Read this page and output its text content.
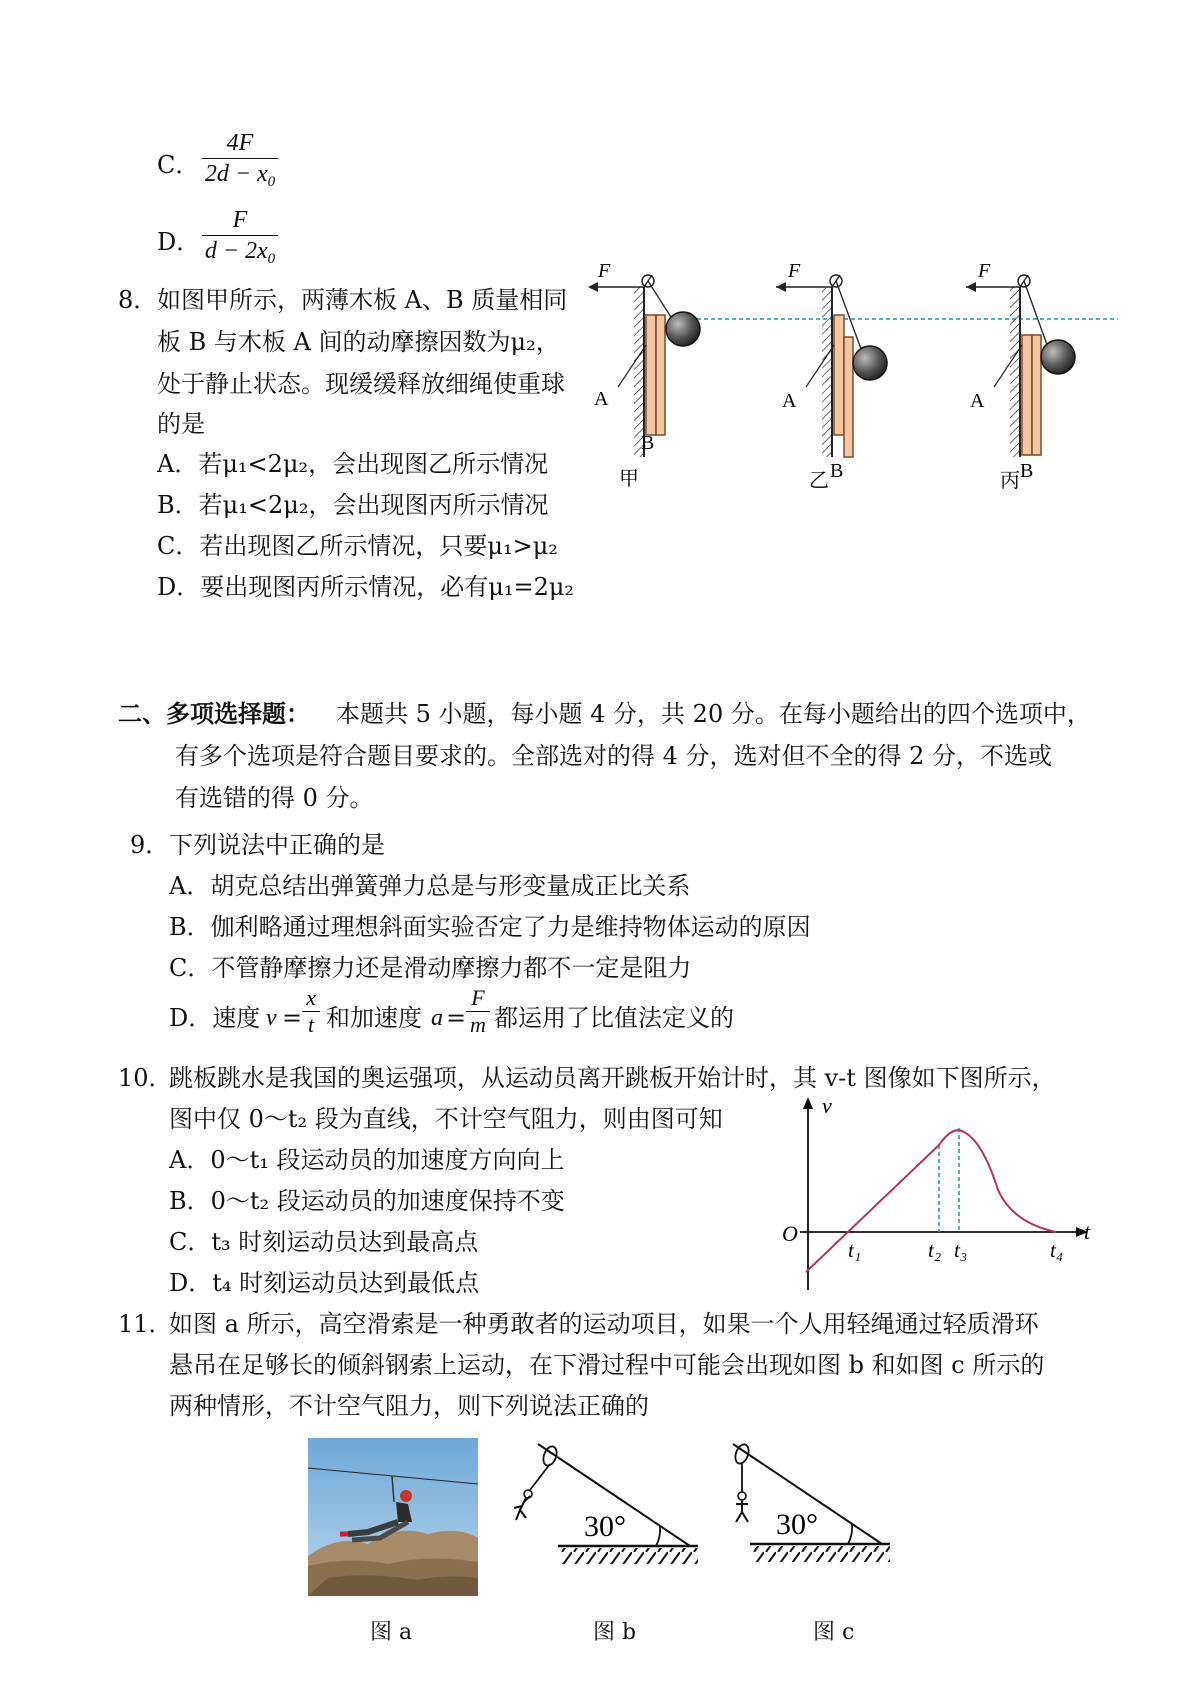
C．
4F
$2d - x_0$
D．
F
$d - 2x_0$
8． 如图甲所示，两薄木板 A、B 质量相同
板 B 与木板 A 间的动摩擦因数为μ₂，
处于静止状态。现缓缓释放细绳使重球
的是
A．若μ₁<2μ₂，会出现图乙所示情况
B．若μ₁<2μ₂，会出现图丙所示情况
C．若出现图乙所示情况，只要μ₁>μ₂
D．要出现图丙所示情况，必有μ₁=2μ₂
F
A
B
甲
F
A
B
乙
F
A
B
丙
二、多项选择题： 本题共 5 小题，每小题 4 分，共 20 分。在每小题给出的四个选项中，
有多个选项是符合题目要求的。全部选对的得 4 分，选对但不全的得 2 分，不选或
有选错的得 0 分。
9． 下列说法中正确的是
A．胡克总结出弹簧弹力总是与形变量成正比关系
B．伽利略通过理想斜面实验否定了力是维持物体运动的原因
C．不管静摩擦力还是滑动摩擦力都不一定是阻力
D．速度 v =
x
t 和加速度 a =
F
m 都运用了比值法定义的
10．
跳板跳水是我国的奥运强项，从运动员离开跳板开始计时，其 v-t 图像如下图所示，
图中仅 0～t₂ 段为直线，不计空气阻力，则由图可知
A．0～t₁ 段运动员的加速度方向向上
B．0～t₂ 段运动员的加速度保持不变
C．t₃ 时刻运动员达到最高点
D．t₄ 时刻运动员达到最低点
v
t
O
t₁	t₂ t₃	t₄
11．
如图 a 所示，高空滑索是一种勇敢者的运动项目，如果一个人用轻绳通过轻质滑环
悬吊在足够长的倾斜钢索上运动，在下滑过程中可能会出现如图 b 和如图 c 所示的
两种情形，不计空气阻力，则下列说法正确的
30°	30°
图 a	图 b	图 c
